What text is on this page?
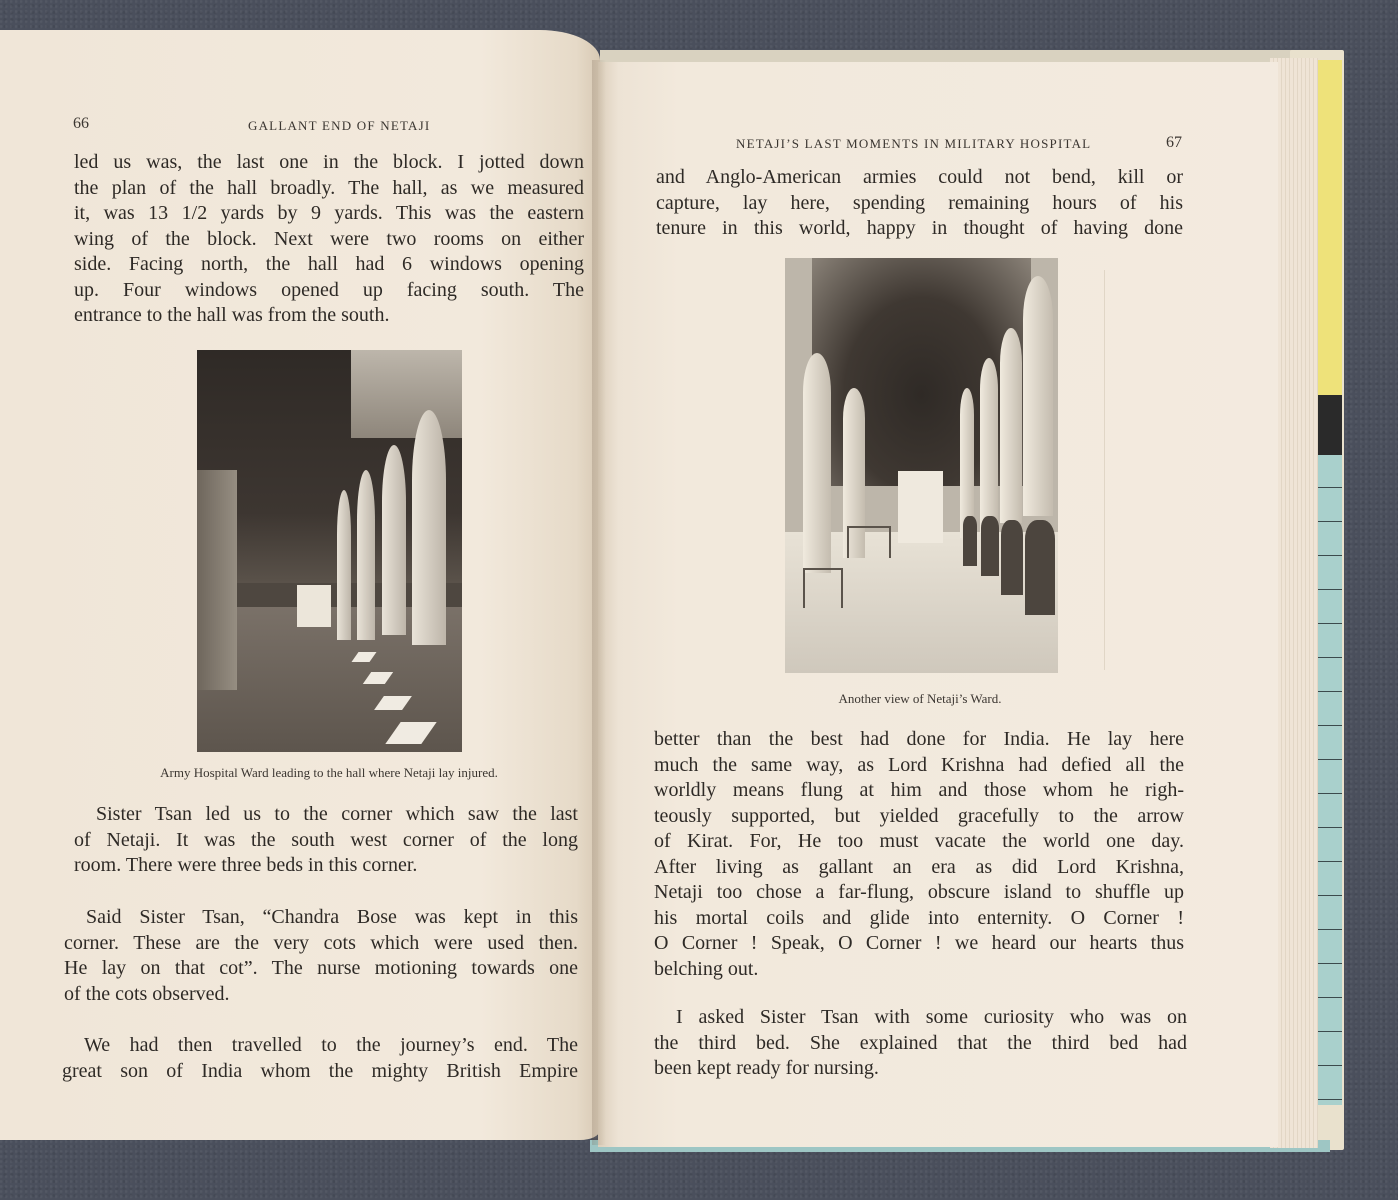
66	GALLANT END OF NETAJI
led us was, the last one in the block. I jotted down
the plan of the hall broadly. The hall, as we measured
it, was 13 1/2 yards by 9 yards. This was the eastern
wing of the block. Next were two rooms on either
side. Facing north, the hall had 6 windows opening
up. Four windows opened up facing south. The
entrance to the hall was from the south.
Army Hospital Ward leading to the hall where Netaji lay injured.
Sister Tsan led us to the corner which saw the last
of Netaji. It was the south west corner of the long
room. There were three beds in this corner.
Said Sister Tsan, “Chandra Bose was kept in this
corner. These are the very cots which were used then.
He lay on that cot”. The nurse motioning towards one
of the cots observed.
We had then travelled to the journey’s end. The
great son of India whom the mighty British Empire
NETAJI’S LAST MOMENTS IN MILITARY HOSPITAL	67
and Anglo-American armies could not bend, kill or
capture, lay here, spending remaining hours of his
tenure in this world, happy in thought of having done
Another view of Netaji’s Ward.
better than the best had done for India. He lay here
much the same way, as Lord Krishna had defied all the
worldly means flung at him and those whom he righ-
teously supported, but yielded gracefully to the arrow
of Kirat. For, He too must vacate the world one day.
After living as gallant an era as did Lord Krishna,
Netaji too chose a far-flung, obscure island to shuffle up
his mortal coils and glide into enternity. O Corner !
O Corner ! Speak, O Corner ! we heard our hearts thus
belching out.
I asked Sister Tsan with some curiosity who was on
the third bed. She explained that the third bed had
been kept ready for nursing.
